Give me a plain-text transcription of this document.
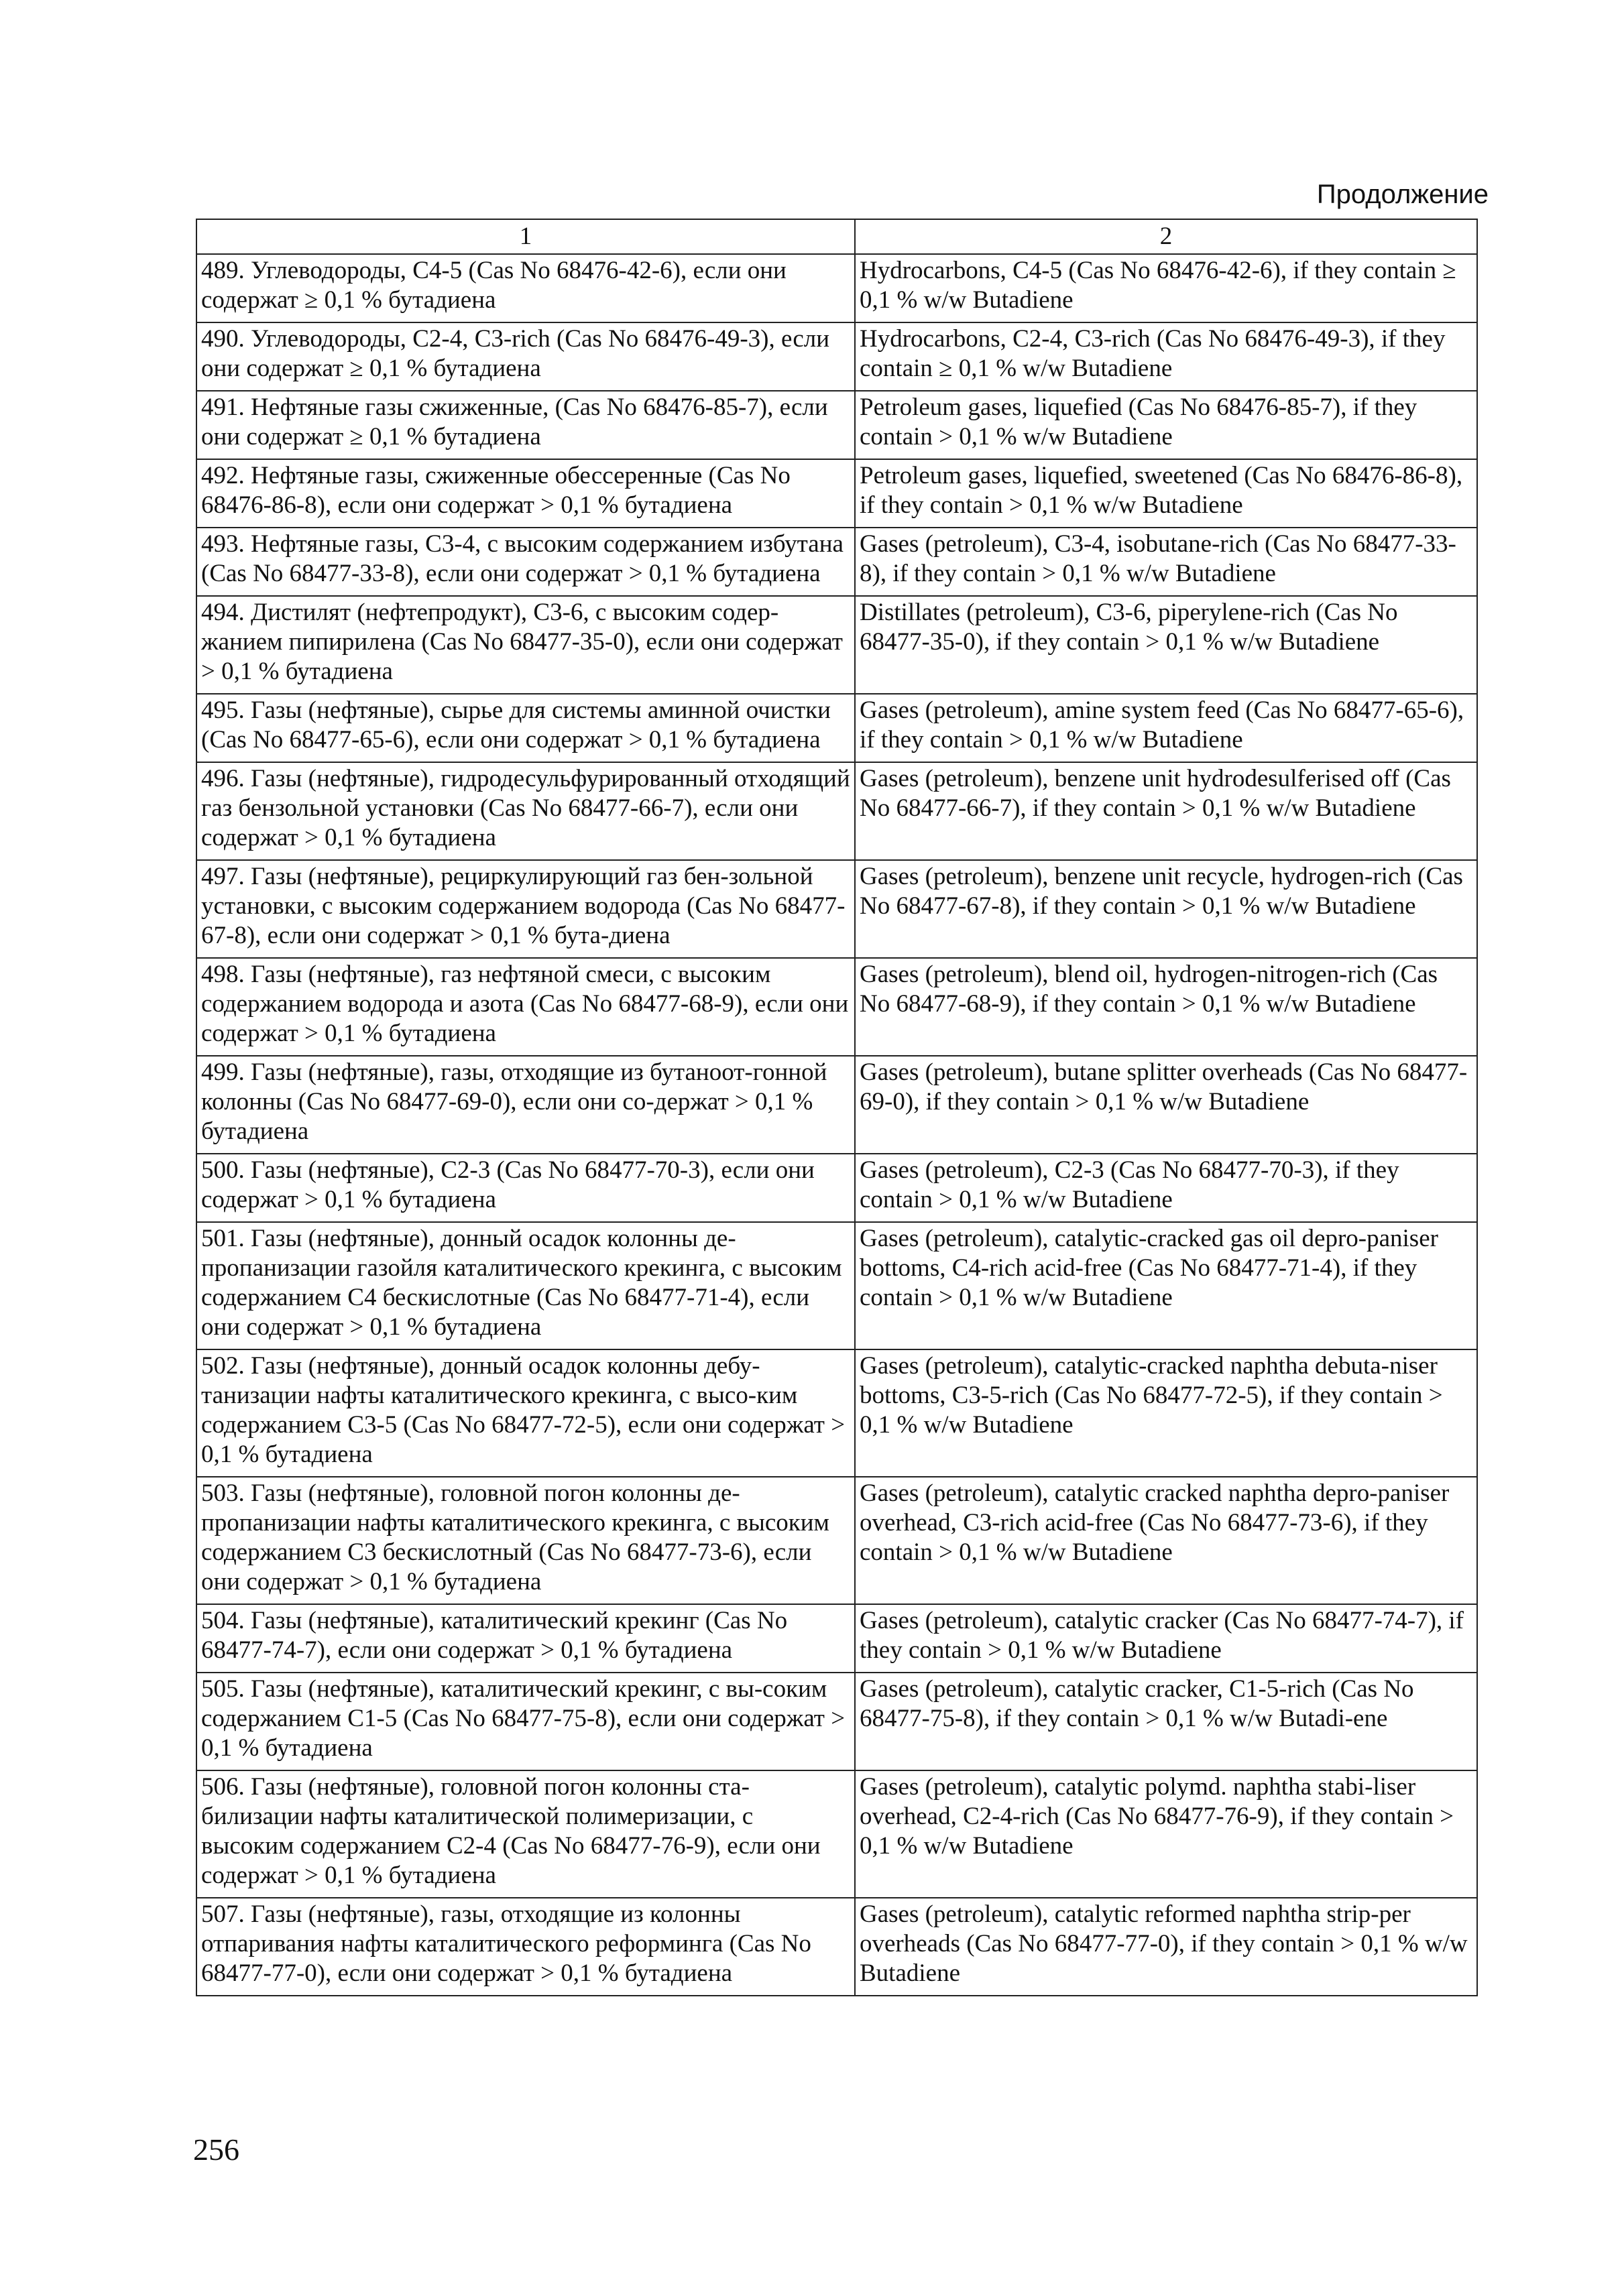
Продолжение
1	2
489. Углеводороды, C4-5 (Cas No 68476-42-6), если они содержат ≥ 0,1 % бутадиена	Hydrocarbons, C4-5 (Cas No 68476-42-6), if they contain ≥ 0,1 % w/w Butadiene
490. Углеводороды, C2-4, C3-rich (Cas No 68476-49-3), если они содержат ≥ 0,1 % бутадиена	Hydrocarbons, C2-4, C3-rich (Cas No 68476-49-3), if they contain ≥ 0,1 % w/w Butadiene
491. Нефтяные газы сжиженные, (Cas No 68476-85-7), если они содержат ≥ 0,1 % бутадиена	Petroleum gases, liquefied (Cas No 68476-85-7), if they contain > 0,1 % w/w Butadiene
492. Нефтяные газы, сжиженные обессеренные (Cas No 68476-86-8), если они содержат > 0,1 % бутадиена	Petroleum gases, liquefied, sweetened (Cas No 68476-86-8), if they contain > 0,1 % w/w Butadiene
493. Нефтяные газы, C3-4, с высоким содержанием избутана (Cas No 68477-33-8), если они содержат > 0,1 % бутадиена	Gases (petroleum), C3-4, isobutane-rich (Cas No 68477-33-8), if they contain > 0,1 % w/w Butadiene
494. Дистилят (нефтепродукт), C3-6, с высоким содер-жанием пипирилена (Cas No 68477-35-0), если они содержат > 0,1 % бутадиена	Distillates (petroleum), C3-6, piperylene-rich (Cas No 68477-35-0), if they contain > 0,1 % w/w Butadiene
495. Газы (нефтяные), сырье для системы аминной очистки (Cas No 68477-65-6), если они содержат > 0,1 % бутадиена	Gases (petroleum), amine system feed (Cas No 68477-65-6), if they contain > 0,1 % w/w Butadiene
496. Газы (нефтяные), гидродесульфурированный отходящий газ бензольной установки (Cas No 68477-66-7), если они содержат > 0,1 % бутадиена	Gases (petroleum), benzene unit hydrodesulferised off (Cas No 68477-66-7), if they contain > 0,1 % w/w Butadiene
497. Газы (нефтяные), рециркулирующий газ бен-зольной установки, с высоким содержанием водорода (Cas No 68477-67-8), если они содержат > 0,1 % бута-диена	Gases (petroleum), benzene unit recycle, hydrogen-rich (Cas No 68477-67-8), if they contain > 0,1 % w/w Butadiene
498. Газы (нефтяные), газ нефтяной смеси, с высоким содержанием водорода и азота (Cas No 68477-68-9), если они содержат > 0,1 % бутадиена	Gases (petroleum), blend oil, hydrogen-nitrogen-rich (Cas No 68477-68-9), if they contain > 0,1 % w/w Butadiene
499. Газы (нефтяные), газы, отходящие из бутаноот-гонной колонны (Cas No 68477-69-0), если они со-держат > 0,1 % бутадиена	Gases (petroleum), butane splitter overheads (Cas No 68477-69-0), if they contain > 0,1 % w/w Butadiene
500. Газы (нефтяные), C2-3 (Cas No 68477-70-3), если они содержат > 0,1 % бутадиена	Gases (petroleum), C2-3 (Cas No 68477-70-3), if they contain > 0,1 % w/w Butadiene
501. Газы (нефтяные), донный осадок колонны де-пропанизации газойля каталитического крекинга, с высоким содержанием C4 бескислотные (Cas No 68477-71-4), если они содержат > 0,1 % бутадиена	Gases (petroleum), catalytic-cracked gas oil depro-paniser bottoms, C4-rich acid-free (Cas No 68477-71-4), if they contain > 0,1 % w/w Butadiene
502. Газы (нефтяные), донный осадок колонны дебу-танизации нафты каталитического крекинга, с высо-ким содержанием C3-5 (Cas No 68477-72-5), если они содержат > 0,1 % бутадиена	Gases (petroleum), catalytic-cracked naphtha debuta-niser bottoms, C3-5-rich (Cas No 68477-72-5), if they contain > 0,1 % w/w Butadiene
503. Газы (нефтяные), головной погон колонны де-пропанизации нафты каталитического крекинга, с высоким содержанием C3 бескислотный (Cas No 68477-73-6), если они содержат > 0,1 % бутадиена	Gases (petroleum), catalytic cracked naphtha depro-paniser overhead, C3-rich acid-free (Cas No 68477-73-6), if they contain > 0,1 % w/w Butadiene
504. Газы (нефтяные), каталитический крекинг (Cas No 68477-74-7), если они содержат > 0,1 % бутадиена	Gases (petroleum), catalytic cracker (Cas No 68477-74-7), if they contain > 0,1 % w/w Butadiene
505. Газы (нефтяные), каталитический крекинг, с вы-соким содержанием C1-5 (Cas No 68477-75-8), если они содержат > 0,1 % бутадиена	Gases (petroleum), catalytic cracker, C1-5-rich (Cas No 68477-75-8), if they contain > 0,1 % w/w Butadi-ene
506. Газы (нефтяные), головной погон колонны ста-билизации нафты каталитической полимеризации, с высоким содержанием C2-4 (Cas No 68477-76-9), если они содержат > 0,1 % бутадиена	Gases (petroleum), catalytic polymd. naphtha stabi-liser overhead, C2-4-rich (Cas No 68477-76-9), if they contain > 0,1 % w/w Butadiene
507. Газы (нефтяные), газы, отходящие из колонны отпаривания нафты каталитического реформинга (Cas No 68477-77-0), если они содержат > 0,1 % бутадиена	Gases (petroleum), catalytic reformed naphtha strip-per overheads (Cas No 68477-77-0), if they contain > 0,1 % w/w Butadiene
256
